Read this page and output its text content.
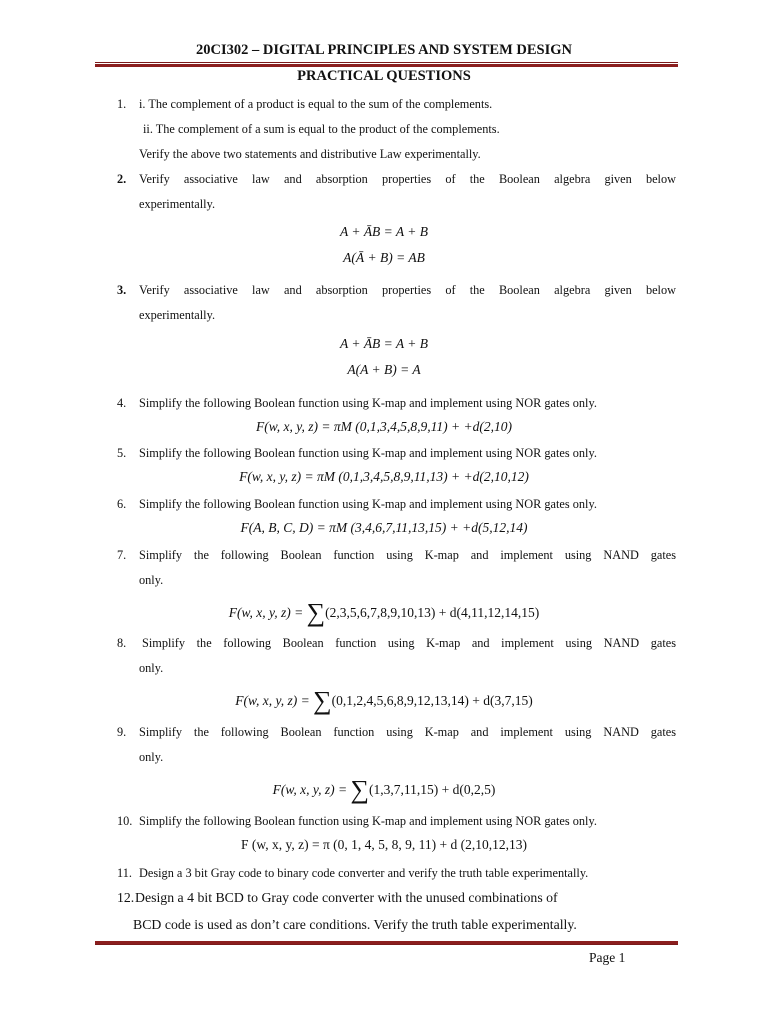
20CI302 – DIGITAL PRINCIPLES AND SYSTEM DESIGN
PRACTICAL QUESTIONS
1. i. The complement of a product is equal to the sum of the complements.
ii. The complement of a sum is equal to the product of the complements.
Verify the above two statements and distributive Law experimentally.
2. Verify associative law and absorption properties of the Boolean algebra given below
experimentally.
A + ĀB = A + B
A(Ā + B) = AB
3. Verify associative law and absorption properties of the Boolean algebra given below
experimentally.
A + ĀB = A + B
A(A + B) = A
4. Simplify the following Boolean function using K-map and implement using NOR gates only.
F(w, x, y, z) = πM (0,1,3,4,5,8,9,11) + +d(2,10)
5. Simplify the following Boolean function using K-map and implement using NOR gates only.
F(w, x, y, z) = πM (0,1,3,4,5,8,9,11,13) + +d(2,10,12)
6. Simplify the following Boolean function using K-map and implement using NOR gates only.
F(A, B, C, D) = πM (3,4,6,7,11,13,15) + +d(5,12,14)
7. Simplify the following Boolean function using K-map and implement using NAND gates
only.
F(w, x, y, z) = ∑(2,3,5,6,7,8,9,10,13) + d(4,11,12,14,15)
8. Simplify the following Boolean function using K-map and implement using NAND gates
only.
F(w, x, y, z) = ∑(0,1,2,4,5,6,8,9,12,13,14) + d(3,7,15)
9. Simplify the following Boolean function using K-map and implement using NAND gates
only.
F(w, x, y, z) = ∑(1,3,7,11,15) + d(0,2,5)
10. Simplify the following Boolean function using K-map and implement using NOR gates only.
F (w, x, y, z) = π (0, 1, 4, 5, 8, 9, 11) + d (2,10,12,13)
11. Design a 3 bit Gray code to binary code converter and verify the truth table experimentally.
12. Design a 4 bit BCD to Gray code converter with the unused combinations of
BCD code is used as don’t care conditions. Verify the truth table experimentally.
Page 1
